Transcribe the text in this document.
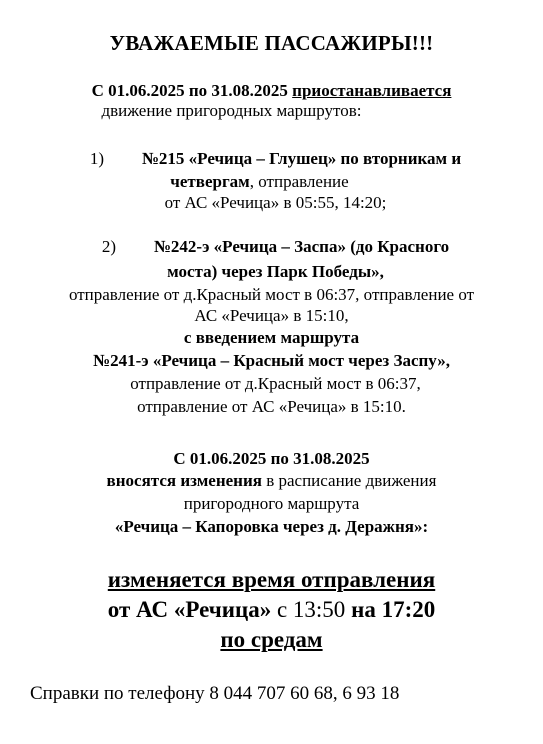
УВАЖАЕМЫЕ ПАССАЖИРЫ!!!
С 01.06.2025 по 31.08.2025 приостанавливается
движение пригородных маршрутов:
1) №215 «Речица – Глушец» по вторникам и
четвергам, отправление
от АС «Речица» в 05:55, 14:20;
2) №242-э «Речица – Заспа» (до Красного
моста) через Парк Победы»,
отправление от д.Красный мост в 06:37, отправление от
АС «Речица» в 15:10,
с введением маршрута
№241-э «Речица – Красный мост через Заспу»,
отправление от д.Красный мост в 06:37,
отправление от АС «Речица» в 15:10.
С 01.06.2025 по 31.08.2025
вносятся изменения в расписание движения
пригородного маршрута
«Речица – Капоровка через д. Деражня»:
изменяется время отправления
от АС «Речица» с 13:50 на 17:20
по средам
Справки по телефону 8 044 707 60 68, 6 93 18
